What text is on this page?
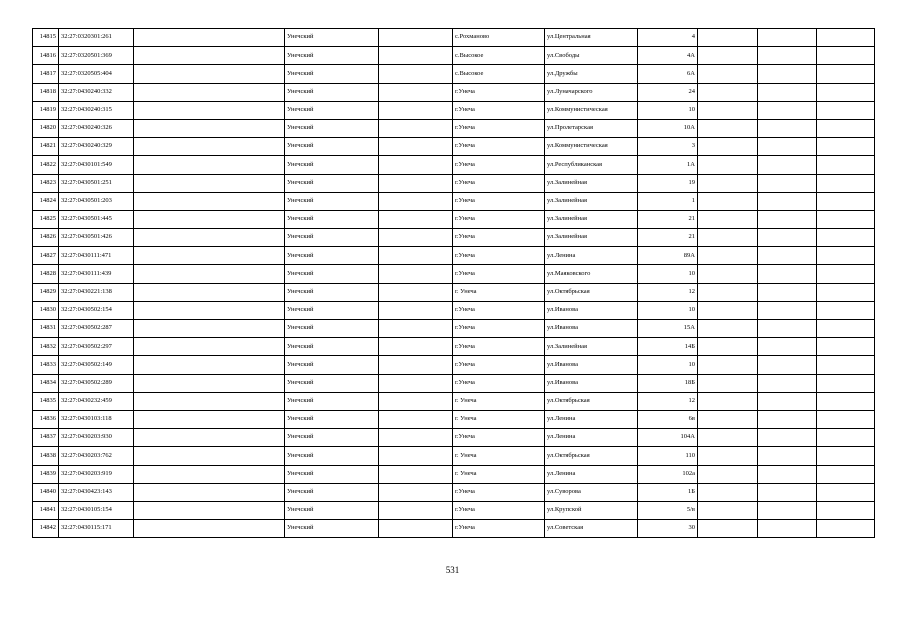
14815	32:27:0320301:261		Унечский		с.Рохманово	ул.Центральная	4			
14816	32:27:0320501:369		Унечский		с.Высокое	ул.Свободы	4А			
14817	32:27:0320505:404		Унечский		с.Высокое	ул.Дружбы	6А			
14818	32:27:0430240:332		Унечский		г.Унеча	ул.Луначарского	24			
14819	32:27:0430240:315		Унечский		г.Унеча	ул.Коммунистическая	10			
14820	32:27:0430240:326		Унечский		г.Унеча	ул.Пролетарская	10А			
14821	32:27:0430240:329		Унечский		г.Унеча	ул.Коммунистическая	3			
14822	32:27:0430101:549		Унечский		г.Унеча	ул.Республиканская	1А			
14823	32:27:0430501:251		Унечский		г.Унеча	ул.Залинейная	19			
14824	32:27:0430501:203		Унечский		г.Унеча	ул.Залинейная	1			
14825	32:27:0430501:445		Унечский		г.Унеча	ул.Залинейная	21			
14826	32:27:0430501:426		Унечский		г.Унеча	ул.Залинейная	21			
14827	32:27:0430111:471		Унечский		г.Унеча	ул.Ленина	89А			
14828	32:27:0430111:439		Унечский		г.Унеча	ул.Маяковского	10			
14829	32:27:0430221:138		Унечский		г. Унеча	ул.Октябрьская	12			
14830	32:27:0430502:154		Унечский		г.Унеча	ул.Иванова	10			
14831	32:27:0430502:287		Унечский		г.Унеча	ул.Иванова	15А			
14832	32:27:0430502:297		Унечский		г.Унеча	ул.Залинейная	14Б			
14833	32:27:0430502:149		Унечский		г.Унеча	ул.Иванова	10			
14834	32:27:0430502:289		Унечский		г.Унеча	ул.Иванова	18Б			
14835	32:27:0430232:459		Унечский		г. Унеча	ул.Октябрьская	12			
14836	32:27:0430103:118		Унечский		г. Унеча	ул.Ленина	6в			
14837	32:27:0430203:930		Унечский		г.Унеча	ул.Ленина	104А			
14838	32:27:0430203:762		Унечский		г. Унеча	ул.Октябрьская	110			
14839	32:27:0430203:919		Унечский		г. Унеча	ул.Ленина	102а			
14840	32:27:0430423:143		Унечский		г.Унеча	ул.Суворова	1Б			
14841	32:27:0430105:154		Унечский		г.Унеча	ул.Крупской	5/в			
14842	32:27:0430115:171		Унечский		г.Унеча	ул.Советская	30			
531
